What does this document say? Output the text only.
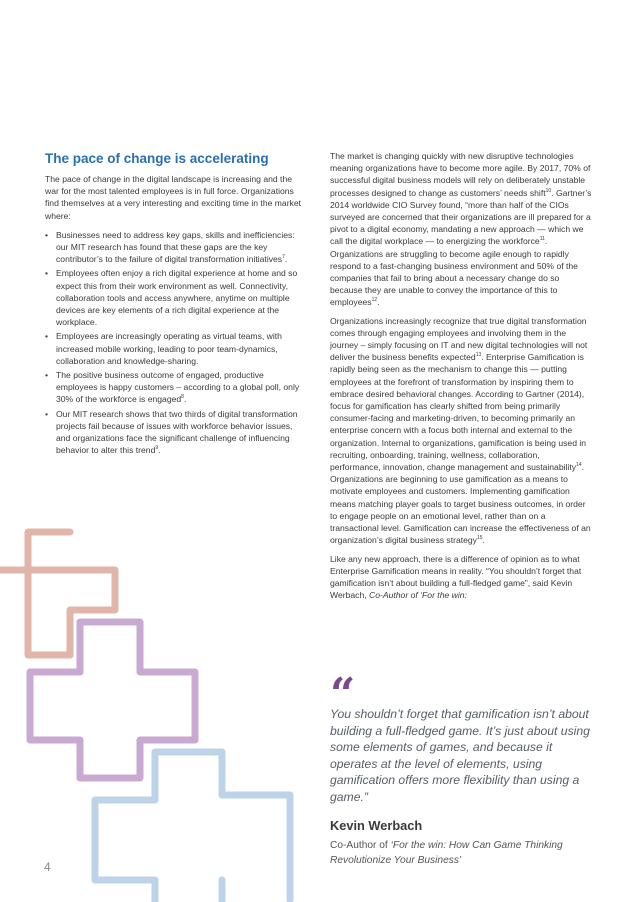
The pace of change is accelerating

The pace of change in the digital landscape is increasing and the war for the most talented employees is in full force. Organizations find themselves at a very interesting and exciting time in the market where:

• Businesses need to address key gaps, skills and inefficiencies: our MIT research has found that these gaps are the key contributor’s to the failure of digital transformation initiatives$^7$.
• Employees often enjoy a rich digital experience at home and so expect this from their work environment as well. Connectivity, collaboration tools and access anywhere, anytime on multiple devices are key elements of a rich digital experience at the workplace.
• Employees are increasingly operating as virtual teams, with increased mobile working, leading to poor team-dynamics, collaboration and knowledge-sharing.
• The positive business outcome of engaged, productive employees is happy customers – according to a global poll, only 30% of the workforce is engaged$^8$.
• Our MIT research shows that two thirds of digital transformation projects fail because of issues with workforce behavior issues, and organizations face the significant challenge of influencing behavior to alter this trend$^9$.

The market is changing quickly with new disruptive technologies meaning organizations have to become more agile. By 2017, 70% of successful digital business models will rely on deliberately unstable processes designed to change as customers’ needs shift$^{10}$. Gartner’s 2014 worldwide CIO Survey found, “more than half of the CIOs surveyed are concerned that their organizations are ill prepared for a pivot to a digital economy, mandating a new approach — which we call the digital workplace — to energizing the workforce$^{11}$. Organizations are struggling to become agile enough to rapidly respond to a fast-changing business environment and 50% of the companies that fail to bring about a necessary change do so because they are unable to convey the importance of this to employees$^{12}$.

Organizations increasingly recognize that true digital transformation comes through engaging employees and involving them in the journey – simply focusing on IT and new digital technologies will not deliver the business benefits expected$^{13}$. Enterprise Gamification is rapidly being seen as the mechanism to change this — putting employees at the forefront of transformation by inspiring them to embrace desired behavioral changes. According to Gartner (2014), focus for gamification has clearly shifted from being primarily consumer-facing and marketing-driven, to becoming primarily an enterprise concern with a focus both internal and external to the organization. Internal to organizations, gamification is being used in recruiting, onboarding, training, wellness, collaboration, performance, innovation, change management and sustainability$^{14}$. Organizations are beginning to use gamification as a means to motivate employees and customers. Implementing gamification means matching player goals to target business outcomes, in order to engage people on an emotional level, rather than on a transactional level. Gamification can increase the effectiveness of an organization’s digital business strategy$^{15}$.

Like any new approach, there is a difference of opinion as to what Enterprise Gamification means in reality. “You shouldn’t forget that gamification isn’t about building a full-fledged game”, said Kevin Werbach, Co-Author of ‘For the win:

“

You shouldn’t forget that gamification isn’t about building a full-fledged game. It’s just about using some elements of games, and because it operates at the level of elements, using gamification offers more flexibility than using a game.”

Kevin Werbach

Co-Author of ‘For the win: How Can Game Thinking Revolutionize Your Business’
4
